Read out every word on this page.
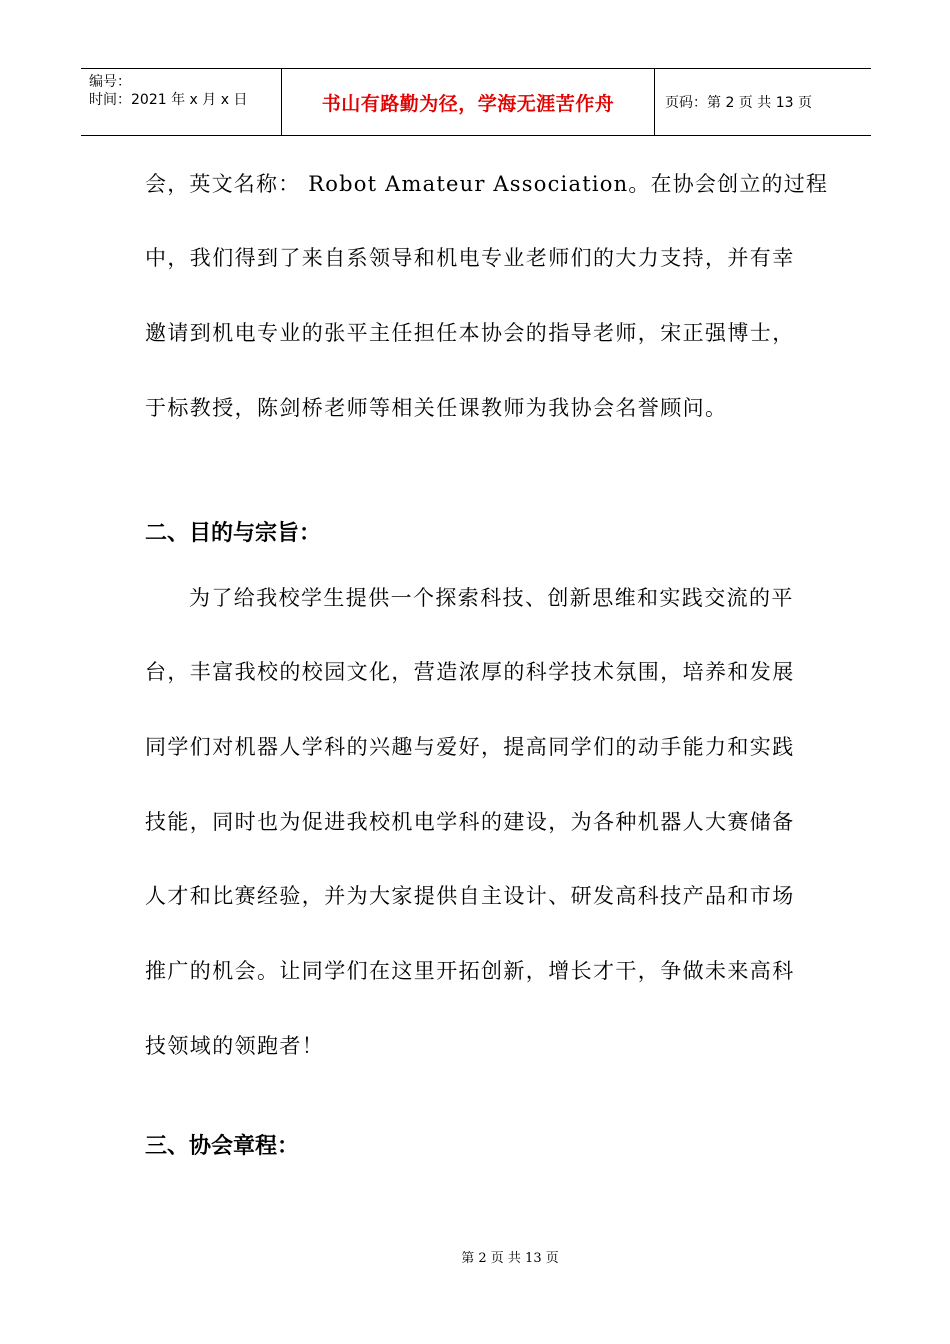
编号：
时间：2021 年 x 月 x 日	书山有路勤为径，学海无涯苦作舟	页码：第 2 页 共 13 页
会，英文名称： Robot Amateur Association。在协会创立的过程
中，我们得到了来自系领导和机电专业老师们的大力支持，并有幸
邀请到机电专业的张平主任担任本协会的指导老师，宋正强博士，
于标教授，陈剑桥老师等相关任课教师为我协会名誉顾问。
二、目的与宗旨：
为了给我校学生提供一个探索科技、创新思维和实践交流的平
台，丰富我校的校园文化，营造浓厚的科学技术氛围，培养和发展
同学们对机器人学科的兴趣与爱好，提高同学们的动手能力和实践
技能，同时也为促进我校机电学科的建设，为各种机器人大赛储备
人才和比赛经验，并为大家提供自主设计、研发高科技产品和市场
推广的机会。让同学们在这里开拓创新，增长才干，争做未来高科
技领域的领跑者！
三、协会章程：
第 2 页 共 13 页
